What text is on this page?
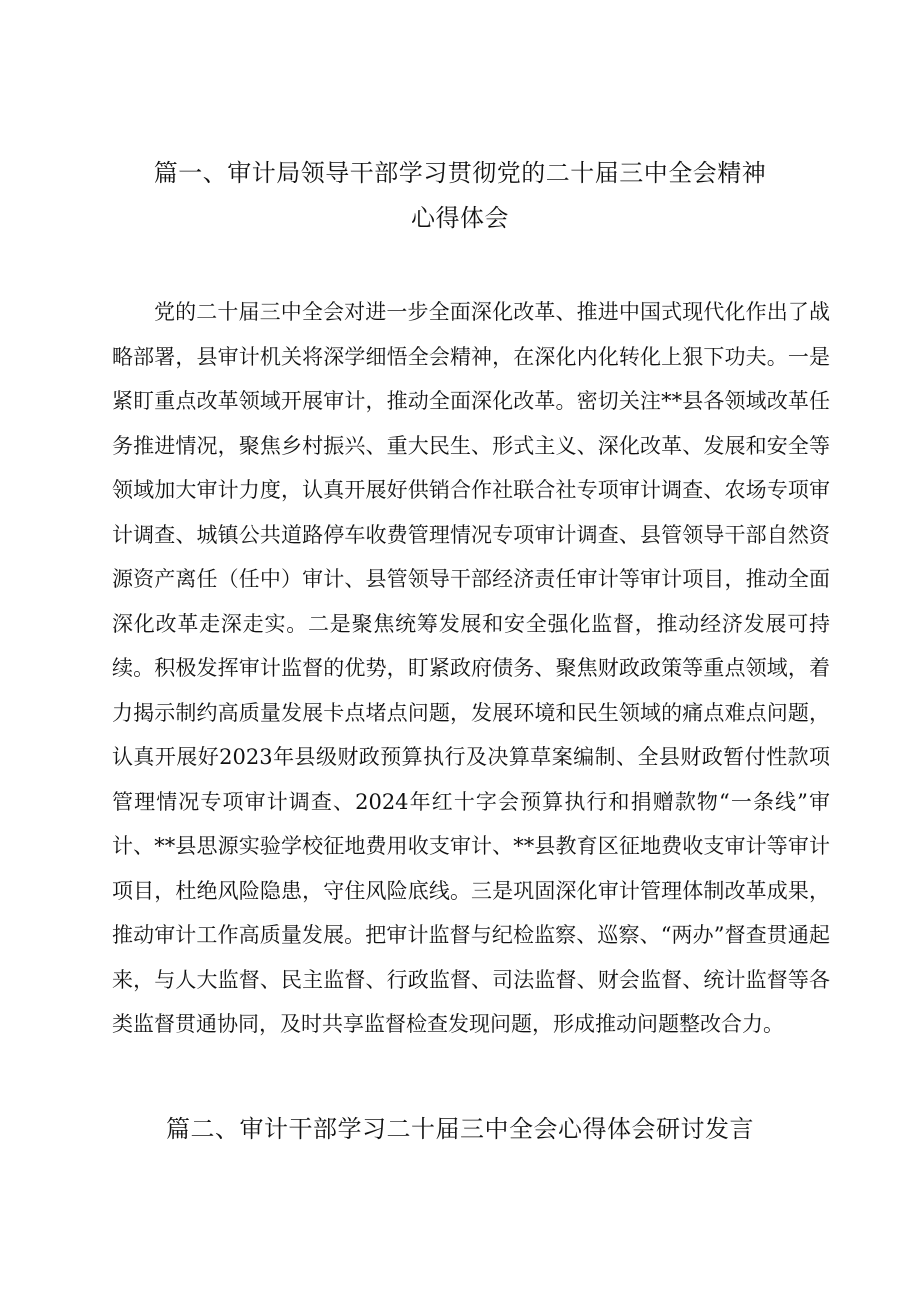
篇一、审计局领导干部学习贯彻党的二十届三中全会精神
心得体会

党的二十届三中全会对进一步全面深化改革、推进中国式现代化作出了战略部署，县审计机关将深学细悟全会精神，在深化内化转化上狠下功夫。一是紧盯重点改革领域开展审计，推动全面深化改革。密切关注**县各领域改革任务推进情况，聚焦乡村振兴、重大民生、形式主义、深化改革、发展和安全等领域加大审计力度，认真开展好供销合作社联合社专项审计调查、农场专项审计调查、城镇公共道路停车收费管理情况专项审计调查、县管领导干部自然资源资产离任（任中）审计、县管领导干部经济责任审计等审计项目，推动全面深化改革走深走实。二是聚焦统筹发展和安全强化监督，推动经济发展可持续。积极发挥审计监督的优势，盯紧政府债务、聚焦财政政策等重点领域，着力揭示制约高质量发展卡点堵点问题，发展环境和民生领域的痛点难点问题，认真开展好2023年县级财政预算执行及决算草案编制、全县财政暂付性款项管理情况专项审计调查、2024年红十字会预算执行和捐赠款物“一条线”审计、**县思源实验学校征地费用收支审计、**县教育区征地费收支审计等审计项目，杜绝风险隐患，守住风险底线。三是巩固深化审计管理体制改革成果，推动审计工作高质量发展。把审计监督与纪检监察、巡察、“两办”督查贯通起来，与人大监督、民主监督、行政监督、司法监督、财会监督、统计监督等各类监督贯通协同，及时共享监督检查发现问题，形成推动问题整改合力。

篇二、审计干部学习二十届三中全会心得体会研讨发言
